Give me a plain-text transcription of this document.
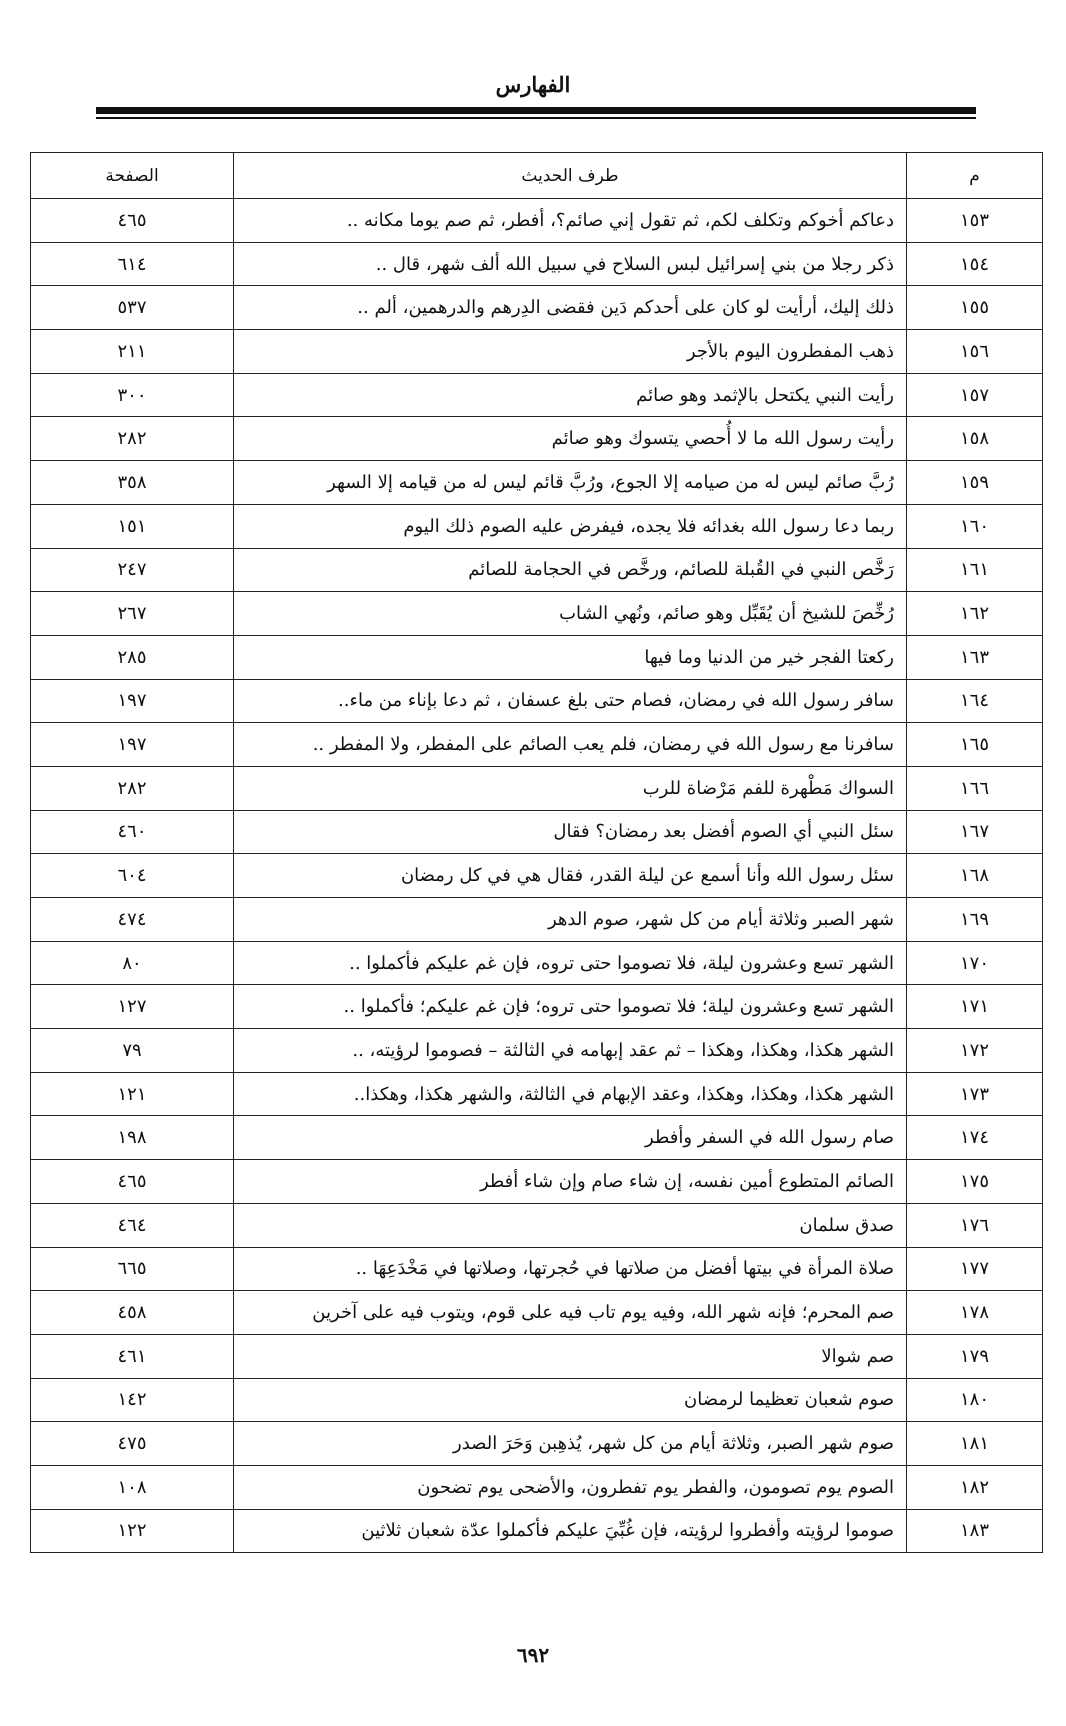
الفهارس
م	طرف الحديث	الصفحة
١٥٣	دعاكم أخوكم وتكلف لكم، ثم تقول إني صائم؟، أفطر، ثم صم يوما مكانه ..	٤٦٥
١٥٤	ذكر رجلا من بني إسرائيل لبس السلاح في سبيل الله ألف شهر، قال ..	٦١٤
١٥٥	ذلك إليك، أرأيت لو كان على أحدكم دَين فقضى الدِرهم والدرهمين، ألم ..	٥٣٧
١٥٦	ذهب المفطرون اليوم بالأجر	٢١١
١٥٧	رأيت النبي يكتحل بالإثمد وهو صائم	٣٠٠
١٥٨	رأيت رسول الله ما لا أُحصي يتسوك وهو صائم	٢٨٢
١٥٩	رُبَّ صائم ليس له من صيامه إلا الجوع، ورُبَّ قائم ليس له من قيامه إلا السهر	٣٥٨
١٦٠	ربما دعا رسول الله بغدائه فلا يجده، فيفرض عليه الصوم ذلك اليوم	١٥١
١٦١	رَخَّص النبي في القُبلة للصائم، ورخَّص في الحجامة للصائم	٢٤٧
١٦٢	رُخِّصَ للشيخ أن يُقَبِّل وهو صائم، ونُهي الشاب	٢٦٧
١٦٣	ركعتا الفجر خير من الدنيا وما فيها	٢٨٥
١٦٤	سافر رسول الله في رمضان، فصام حتى بلغ عسفان ، ثم دعا بإناء من ماء..	١٩٧
١٦٥	سافرنا مع رسول الله في رمضان، فلم يعب الصائم على المفطر، ولا المفطر ..	١٩٧
١٦٦	السواك مَطْهرة للفم مَرْضاة للرب	٢٨٢
١٦٧	سئل النبي أي الصوم أفضل بعد رمضان؟ فقال	٤٦٠
١٦٨	سئل رسول الله وأنا أسمع عن ليلة القدر، فقال هي في كل رمضان	٦٠٤
١٦٩	شهر الصبر وثلاثة أيام من كل شهر، صوم الدهر	٤٧٤
١٧٠	الشهر تسع وعشرون ليلة، فلا تصوموا حتى تروه، فإن غم عليكم فأكملوا ..	٨٠
١٧١	الشهر تسع وعشرون ليلة؛ فلا تصوموا حتى تروه؛ فإن غم عليكم؛ فأكملوا ..	١٢٧
١٧٢	الشهر هكذا، وهكذا، وهكذا – ثم عقد إبهامه في الثالثة – فصوموا لرؤيته، ..	٧٩
١٧٣	الشهر هكذا، وهكذا، وهكذا، وعقد الإبهام في الثالثة، والشهر هكذا، وهكذا..	١٢١
١٧٤	صام رسول الله في السفر وأفطر	١٩٨
١٧٥	الصائم المتطوع أمين نفسه، إن شاء صام وإن شاء أفطر	٤٦٥
١٧٦	صدق سلمان	٤٦٤
١٧٧	صلاة المرأة في بيتها أفضل من صلاتها في حُجرتها، وصلاتها في مَخْدَعِهَا ..	٦٦٥
١٧٨	صم المحرم؛ فإنه شهر الله، وفيه يوم تاب فيه على قوم، ويتوب فيه على آخرين	٤٥٨
١٧٩	صم شوالا	٤٦١
١٨٠	صوم شعبان تعظيما لرمضان	١٤٢
١٨١	صوم شهر الصبر، وثلاثة أيام من كل شهر، يُذهِبن وَحَرَ الصدر	٤٧٥
١٨٢	الصوم يوم تصومون، والفطر يوم تفطرون، والأضحى يوم تضحون	١٠٨
١٨٣	صوموا لرؤيته وأفطروا لرؤيته، فإن غُبِّيَ عليكم فأكملوا عدّة شعبان ثلاثين	١٢٢
٦٩٢
